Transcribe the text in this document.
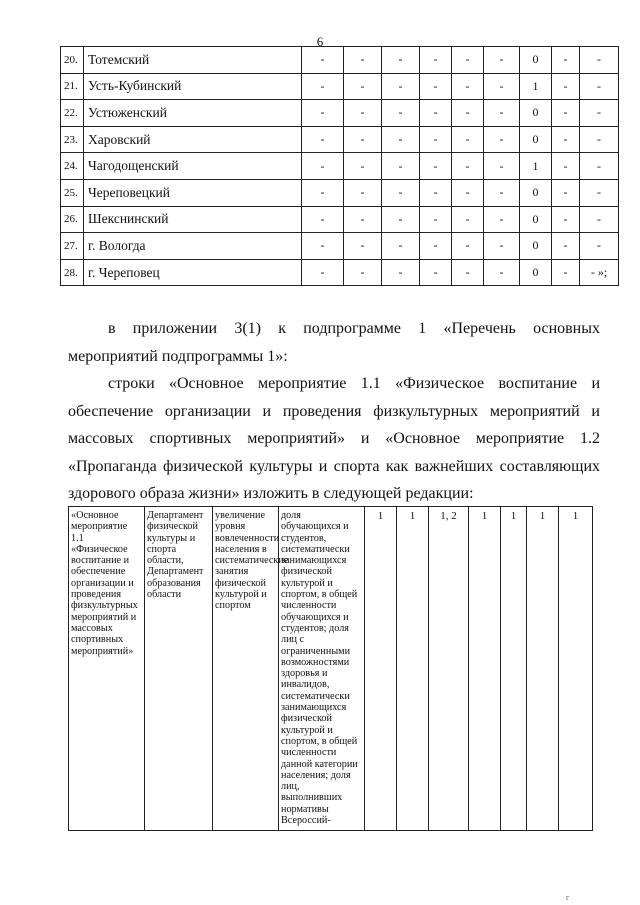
6
20.	Тотемский	-	-	-	-	-	-	0	-	-
21.	Усть-Кубинский	-	-	-	-	-	-	1	-	-
22.	Устюженский	-	-	-	-	-	-	0	-	-
23.	Харовский	-	-	-	-	-	-	0	-	-
24.	Чагодощенский	-	-	-	-	-	-	1	-	-
25.	Череповецкий	-	-	-	-	-	-	0	-	-
26.	Шекснинский	-	-	-	-	-	-	0	-	-
27.	г. Вологда	-	-	-	-	-	-	0	-	-
28.	г. Череповец	-	-	-	-	-	-	0	-	- »;
в приложении 3(1) к подпрограмме 1 «Перечень основных мероприятий подпрограммы 1»:
строки «Основное мероприятие 1.1 «Физическое воспитание и обеспечение организации и проведения физкультурных мероприятий и массовых спортивных мероприятий» и «Основное мероприятие 1.2 «Пропаганда физической культуры и спорта как важнейших составляющих здорового образа жизни» изложить в следующей редакции:
«Основное мероприятие 1.1 «Физическое воспитание и обеспечение организации и проведения физкультурных мероприятий и массовых спортивных мероприятий»	Департамент физической культуры и спорта области, Департамент образования области	увеличение уровня вовлеченности населения в систематические занятия физической культурой и спортом	доля обучающихся и студентов, систематически занимающихся физической культурой и спортом, в общей численности обучающихся и студентов; доля лиц с ограниченными возможностями здоровья и инвалидов, систематически занимающихся физической культурой и спортом, в общей численности данной категории населения; доля лиц, выполнивших нормативы Всероссий-	1	1	1, 2	1	1	1	1
г
